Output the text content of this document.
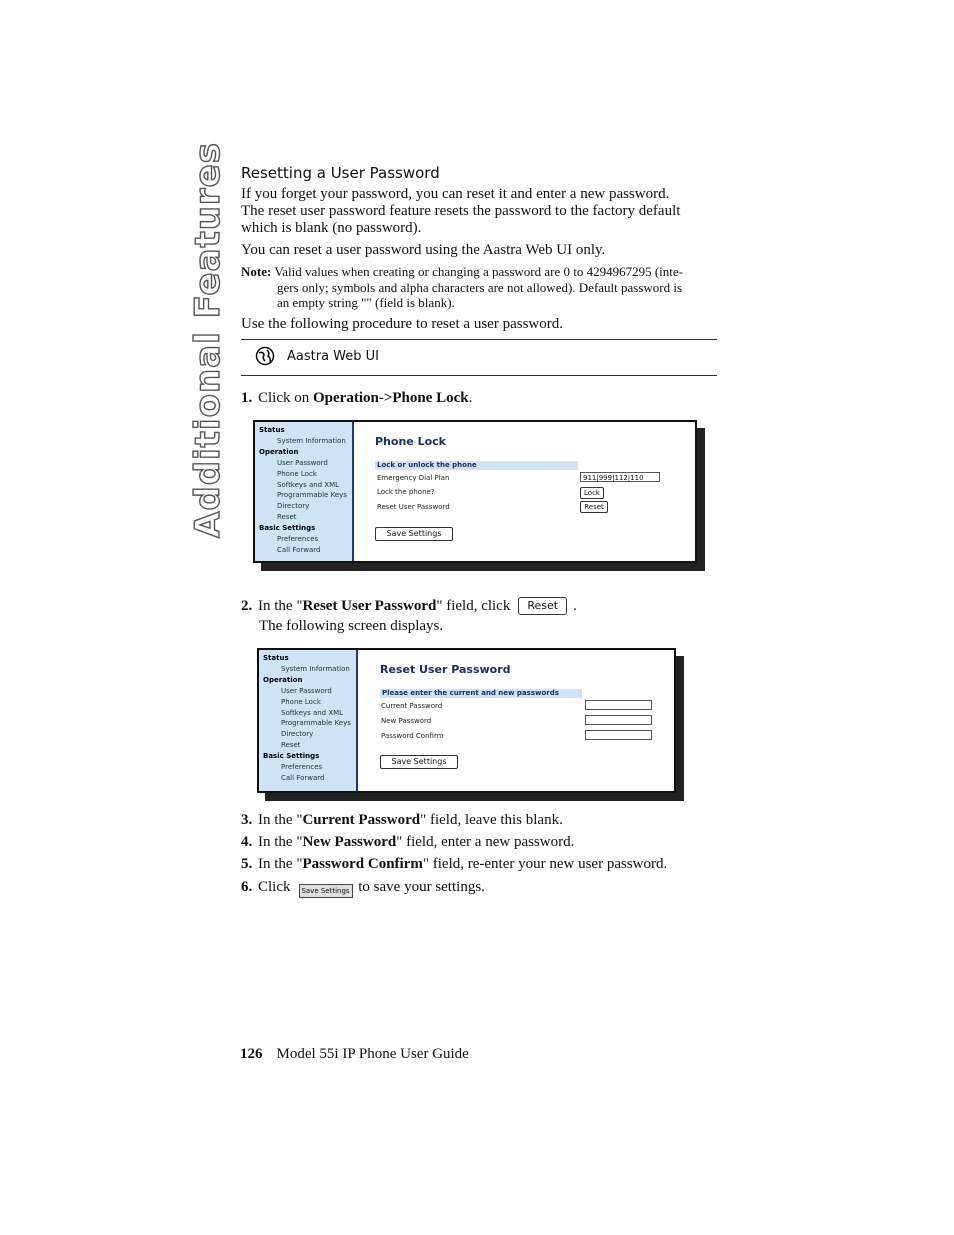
Additional Features Resetting a User Password
If you forget your password, you can reset it and enter a new password.
The reset user password feature resets the password to the factory default
which is blank (no password).
You can reset a user password using the Aastra Web UI only.
Note: Valid values when creating or changing a password are 0 to 4294967295 (inte-
gers only; symbols and alpha characters are not allowed). Default password is
an empty string "" (field is blank).
Use the following procedure to reset a user password.
Aastra Web UI
1. Click on Operation->Phone Lock.
Status
System Information
Operation
User Password
Phone Lock
Softkeys and XML
Programmable Keys
Directory
Reset
Basic Settings
Preferences
Call Forward
Phone Lock
Lock or unlock the phone
Emergency Dial Plan	911|999|112|110
Lock the phone?	Lock
Reset User Password	Reset
Save Settings
2. In the "Reset User Password" field, click Reset .
The following screen displays.
Status
System Information
Operation
User Password
Phone Lock
Softkeys and XML
Programmable Keys
Directory
Reset
Basic Settings
Preferences
Call Forward
Reset User Password
Please enter the current and new passwords
Current Password
New Password
Password Confirm
Save Settings
3. In the "Current Password" field, leave this blank.
4. In the "New Password" field, enter a new password.
5. In the "Password Confirm" field, re-enter your new user password.
6. Click Save Settings to save your settings.
126 Model 55i IP Phone User Guide
